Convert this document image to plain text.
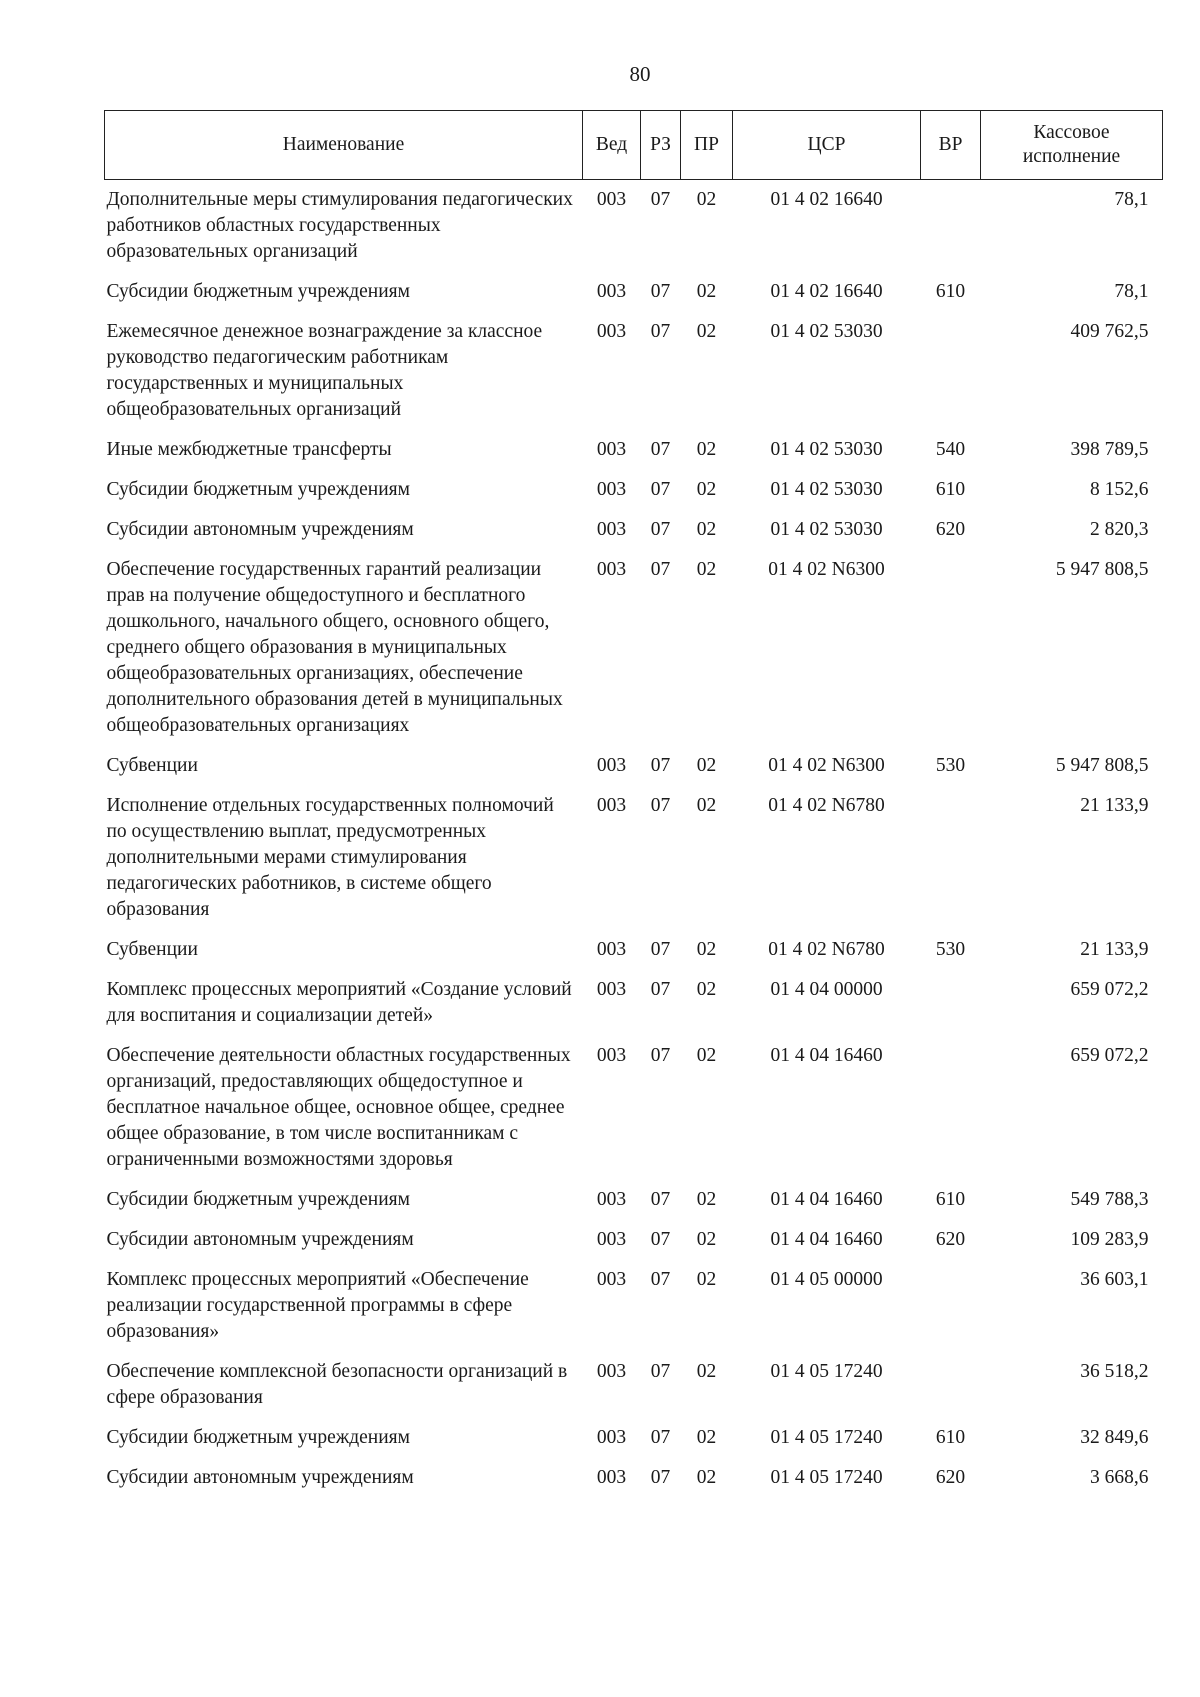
80
Наименование	Вед	РЗ	ПР	ЦСР	ВР	Кассовое исполнение
Дополнительные меры стимулирования педагогических работников областных государственных образовательных организаций	003	07	02	01 4 02 16640		78,1
Субсидии бюджетным учреждениям	003	07	02	01 4 02 16640	610	78,1
Ежемесячное денежное вознаграждение за классное руководство педагогическим работникам государственных и муниципальных общеобразовательных организаций	003	07	02	01 4 02 53030		409 762,5
Иные межбюджетные трансферты	003	07	02	01 4 02 53030	540	398 789,5
Субсидии бюджетным учреждениям	003	07	02	01 4 02 53030	610	8 152,6
Субсидии автономным учреждениям	003	07	02	01 4 02 53030	620	2 820,3
Обеспечение государственных гарантий реализации прав на получение общедоступного и бесплатного дошкольного, начального общего, основного общего, среднего общего образования в муниципальных общеобразовательных организациях, обеспечение дополнительного образования детей в муниципальных общеобразовательных организациях	003	07	02	01 4 02 N6300		5 947 808,5
Субвенции	003	07	02	01 4 02 N6300	530	5 947 808,5
Исполнение отдельных государственных полномочий по осуществлению выплат, предусмотренных дополнительными мерами стимулирования педагогических работников, в системе общего образования	003	07	02	01 4 02 N6780		21 133,9
Субвенции	003	07	02	01 4 02 N6780	530	21 133,9
Комплекс процессных мероприятий «Создание условий для воспитания и социализации детей»	003	07	02	01 4 04 00000		659 072,2
Обеспечение деятельности областных государственных организаций, предоставляющих общедоступное и бесплатное начальное общее, основное общее, среднее общее образование, в том числе воспитанникам с ограниченными возможностями здоровья	003	07	02	01 4 04 16460		659 072,2
Субсидии бюджетным учреждениям	003	07	02	01 4 04 16460	610	549 788,3
Субсидии автономным учреждениям	003	07	02	01 4 04 16460	620	109 283,9
Комплекс процессных мероприятий «Обеспечение реализации государственной программы в сфере образования»	003	07	02	01 4 05 00000		36 603,1
Обеспечение комплексной безопасности организаций в сфере образования	003	07	02	01 4 05 17240		36 518,2
Субсидии бюджетным учреждениям	003	07	02	01 4 05 17240	610	32 849,6
Субсидии автономным учреждениям	003	07	02	01 4 05 17240	620	3 668,6
